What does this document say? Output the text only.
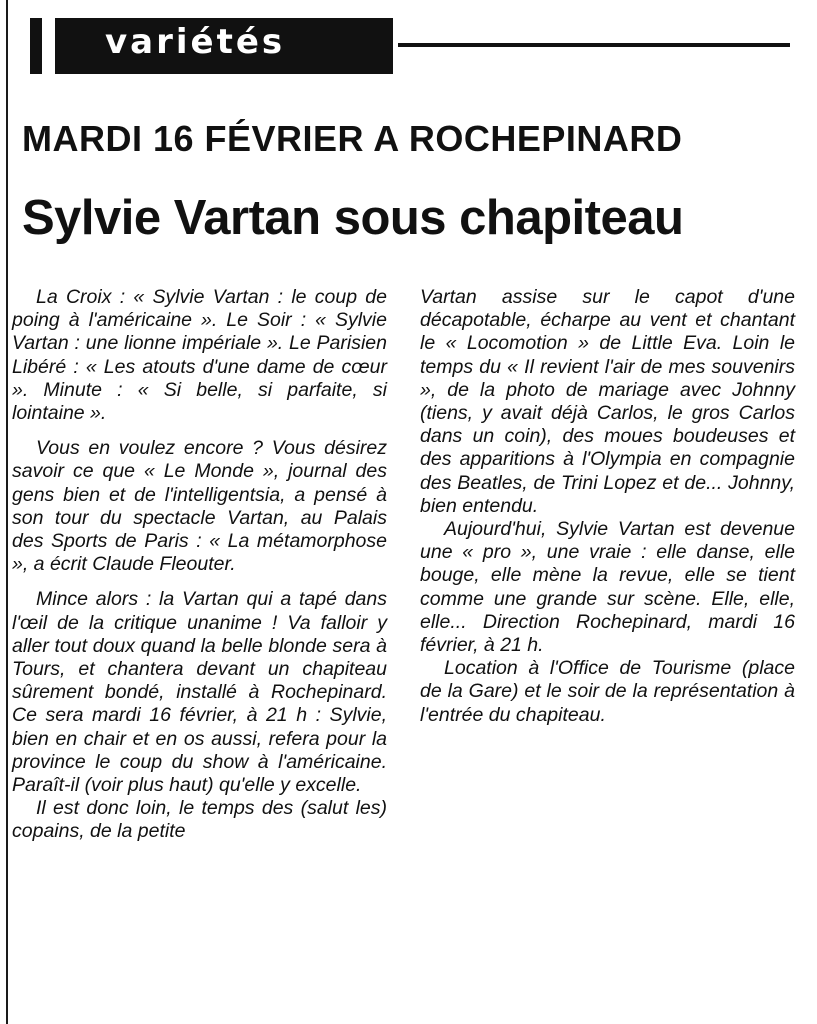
variétés
MARDI 16 FÉVRIER A ROCHEPINARD
Sylvie Vartan sous chapiteau

La Croix : « Sylvie Vartan : le coup de poing à l'américaine ». Le Soir : « Sylvie Vartan : une lionne impériale ». Le Parisien Libéré : « Les atouts d'une dame de cœur ». Minute : « Si belle, si parfaite, si lointaine ».

Vous en voulez encore ? Vous désirez savoir ce que « Le Monde », journal des gens bien et de l'intelligentsia, a pensé à son tour du spectacle Vartan, au Palais des Sports de Paris : « La métamorphose », a écrit Claude Fleouter.

Mince alors : la Vartan qui a tapé dans l'œil de la critique unanime ! Va falloir y aller tout doux quand la belle blonde sera à Tours, et chantera devant un chapiteau sûrement bondé, installé à Rochepinard. Ce sera mardi 16 février, à 21 h : Sylvie, bien en chair et en os aussi, refera pour la province le coup du show à l'américaine. Paraît-il (voir plus haut) qu'elle y excelle.

Il est donc loin, le temps des (salut les) copains, de la petite

Vartan assise sur le capot d'une décapotable, écharpe au vent et chantant le « Locomotion » de Little Eva. Loin le temps du « Il revient l'air de mes souvenirs », de la photo de mariage avec Johnny (tiens, y avait déjà Carlos, le gros Carlos dans un coin), des moues boudeuses et des apparitions à l'Olympia en compagnie des Beatles, de Trini Lopez et de... Johnny, bien entendu.

Aujourd'hui, Sylvie Vartan est devenue une « pro », une vraie : elle danse, elle bouge, elle mène la revue, elle se tient comme une grande sur scène. Elle, elle, elle... Direction Rochepinard, mardi 16 février, à 21 h.

Location à l'Office de Tourisme (place de la Gare) et le soir de la représentation à l'entrée du chapiteau.
